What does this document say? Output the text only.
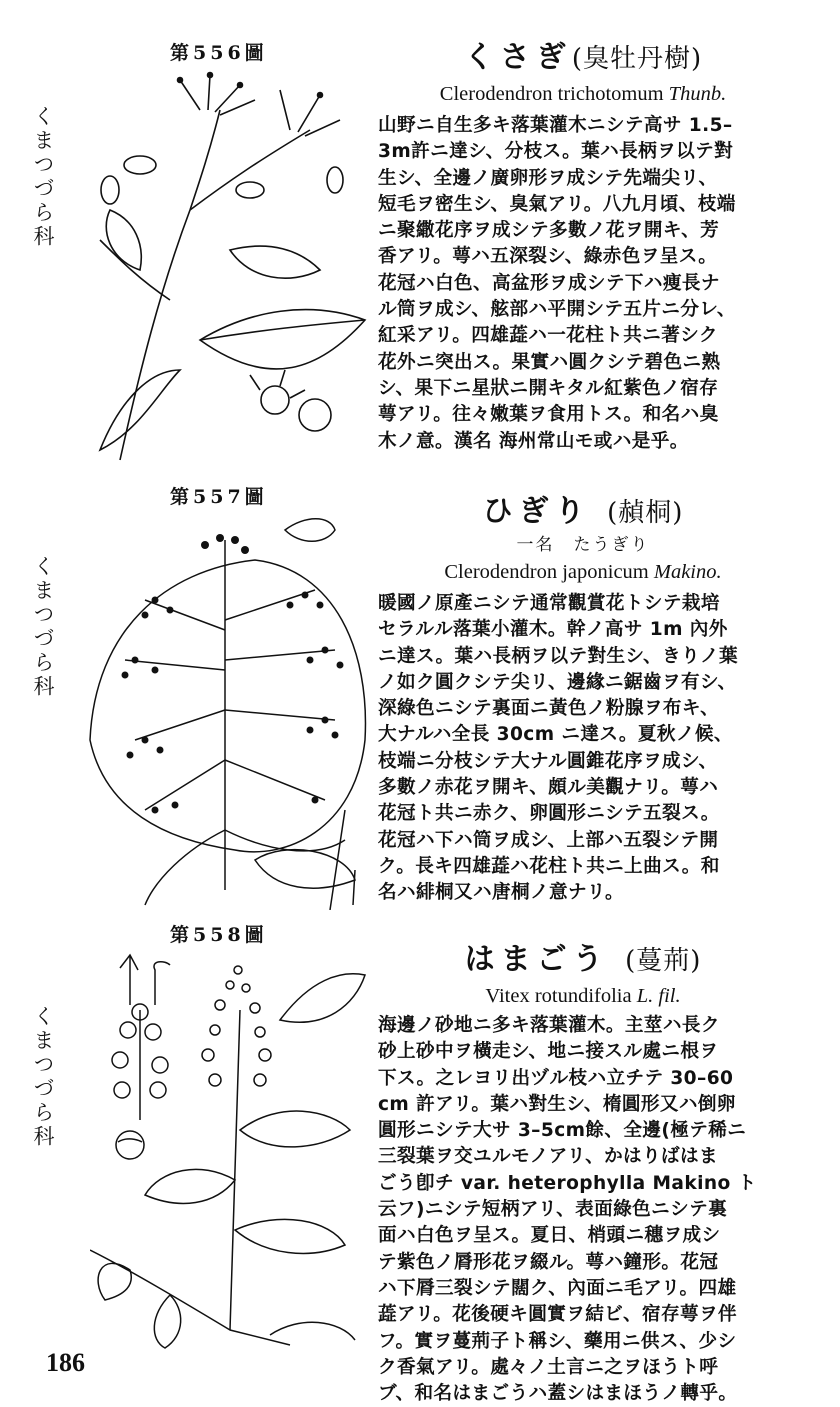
第556圖
くまつづら科
くさぎ(臭牡丹樹)
Clerodendron trichotomum Thunb.
山野ニ自生多キ落葉灌木ニシテ高サ 1.5–
3m許ニ達シ、分枝ス。葉ハ長柄ヲ以テ對
生シ、全邊ノ廣卵形ヲ成シテ先端尖リ、
短毛ヲ密生シ、臭氣アリ。八九月頃、枝端
ニ聚繖花序ヲ成シテ多數ノ花ヲ開キ、芳
香アリ。萼ハ五深裂シ、綠赤色ヲ呈ス。
花冠ハ白色、高盆形ヲ成シテ下ハ痩長ナ
ル筒ヲ成シ、舷部ハ平開シテ五片ニ分レ、
紅采アリ。四雄蕋ハ一花柱ト共ニ著シク
花外ニ突出ス。果實ハ圓クシテ碧色ニ熟
シ、果下ニ星狀ニ開キタル紅紫色ノ宿存
萼アリ。往々嫩葉ヲ食用トス。和名ハ臭
木ノ意。漢名 海州常山モ或ハ是乎。
第557圖
くまつづら科
ひぎり (赬桐)
一名　たうぎり
Clerodendron japonicum Makino.
暖國ノ原產ニシテ通常觀賞花トシテ栽培
セラルル落葉小灌木。幹ノ高サ 1m 內外
ニ達ス。葉ハ長柄ヲ以テ對生シ、きりノ葉
ノ如ク圓クシテ尖リ、邊緣ニ鋸齒ヲ有シ、
深綠色ニシテ裏面ニ黃色ノ粉腺ヲ布キ、
大ナルハ全長 30cm ニ達ス。夏秋ノ候、
枝端ニ分枝シテ大ナル圓錐花序ヲ成シ、
多數ノ赤花ヲ開キ、頗ル美觀ナリ。萼ハ
花冠ト共ニ赤ク、卵圓形ニシテ五裂ス。
花冠ハ下ハ筒ヲ成シ、上部ハ五裂シテ開
ク。長キ四雄蕋ハ花柱ト共ニ上曲ス。和
名ハ緋桐又ハ唐桐ノ意ナリ。
第558圖
くまつづら科
はまごう (蔓荊)
Vitex rotundifolia L. fil.
海邊ノ砂地ニ多キ落葉灌木。主莖ハ長ク
砂上砂中ヲ橫走シ、地ニ接スル處ニ根ヲ
下ス。之レヨリ出ヅル枝ハ立チテ 30–60
cm 許アリ。葉ハ對生シ、楕圓形又ハ倒卵
圓形ニシテ大サ 3–5cm餘、全邊(極テ稀ニ
三裂葉ヲ交ユルモノアリ、かはりばはま
ごう卽チ var. heterophylla Makino ト
云フ)ニシテ短柄アリ、表面綠色ニシテ裏
面ハ白色ヲ呈ス。夏日、梢頭ニ穗ヲ成シ
テ紫色ノ脣形花ヲ綴ル。萼ハ鐘形。花冠
ハ下脣三裂シテ闊ク、內面ニ毛アリ。四雄
蕋アリ。花後硬キ圓實ヲ結ビ、宿存萼ヲ伴
フ。實ヲ蔓荊子ト稱シ、藥用ニ供ス、少シ
ク香氣アリ。處々ノ土言ニ之ヲほうト呼
ブ、和名はまごうハ蓋シはまほうノ轉乎。
186
